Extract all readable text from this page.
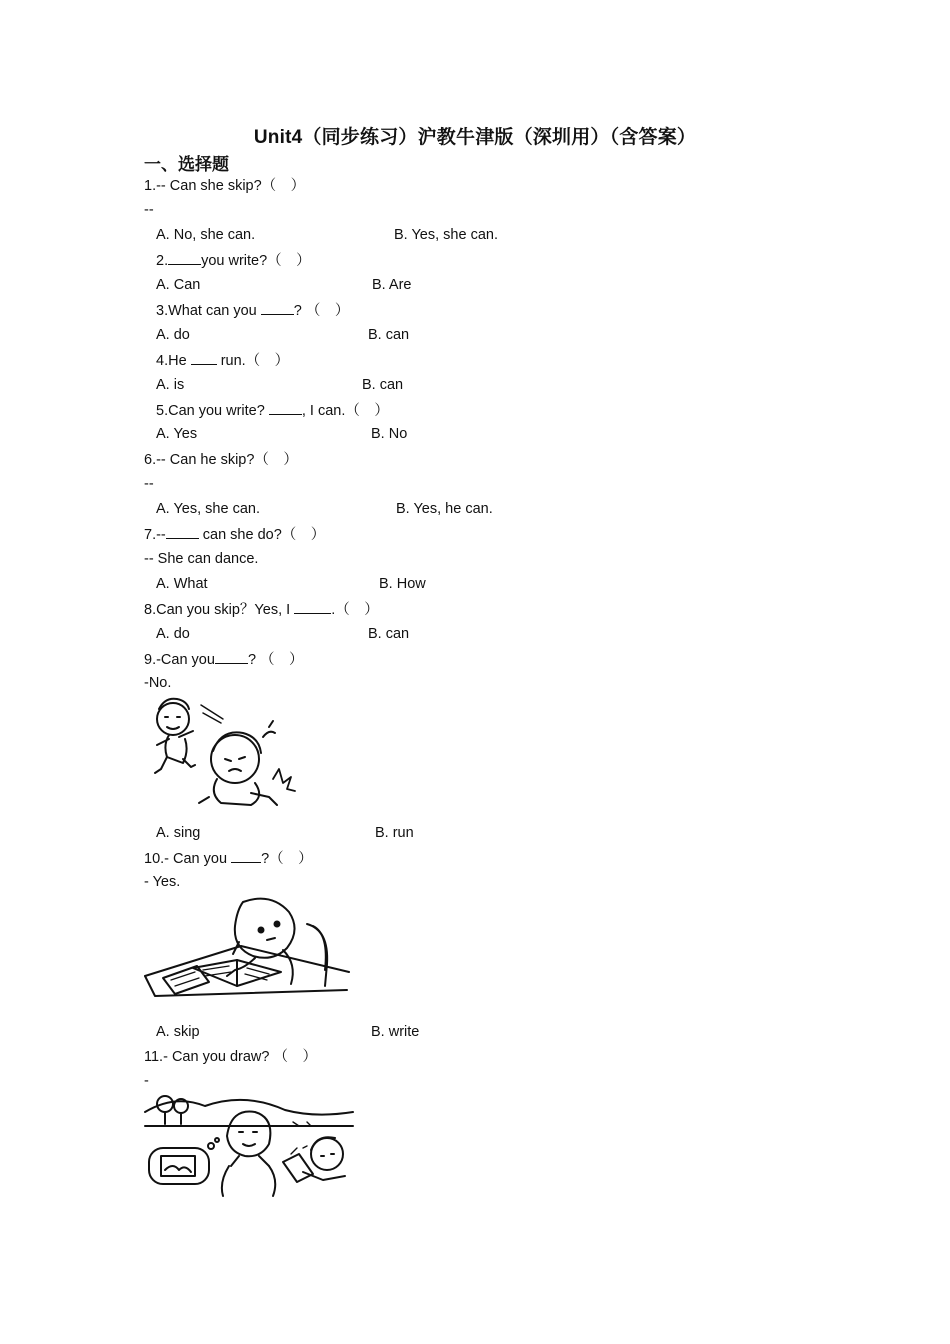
Unit4（同步练习）沪教牛津版（深圳用）（含答案）
一、选择题
1.-- Can she skip?（　）
--
A. No, she can.	B. Yes, she can.
2. you write?（　）
A. Can	B. Are
3.What can you ? （　）
A. do	B. can
4.He  run.（　）
A. is	B. can
5.Can you write? , I can.（　）
A. Yes	B. No
6.-- Can he skip?（　）
--
A. Yes, she can.	B. Yes, he can.
7.-- can she do?（　）
-- She can dance.
A. What	B. How
8.Can you skip？Yes, I	.（　）
A. do	B. can
9.-Can you ? （　）
-No.
A. sing	B. run
10.- Can you ?（　）
- Yes.
A. skip	B. write
11.- Can you draw? （　）
-
